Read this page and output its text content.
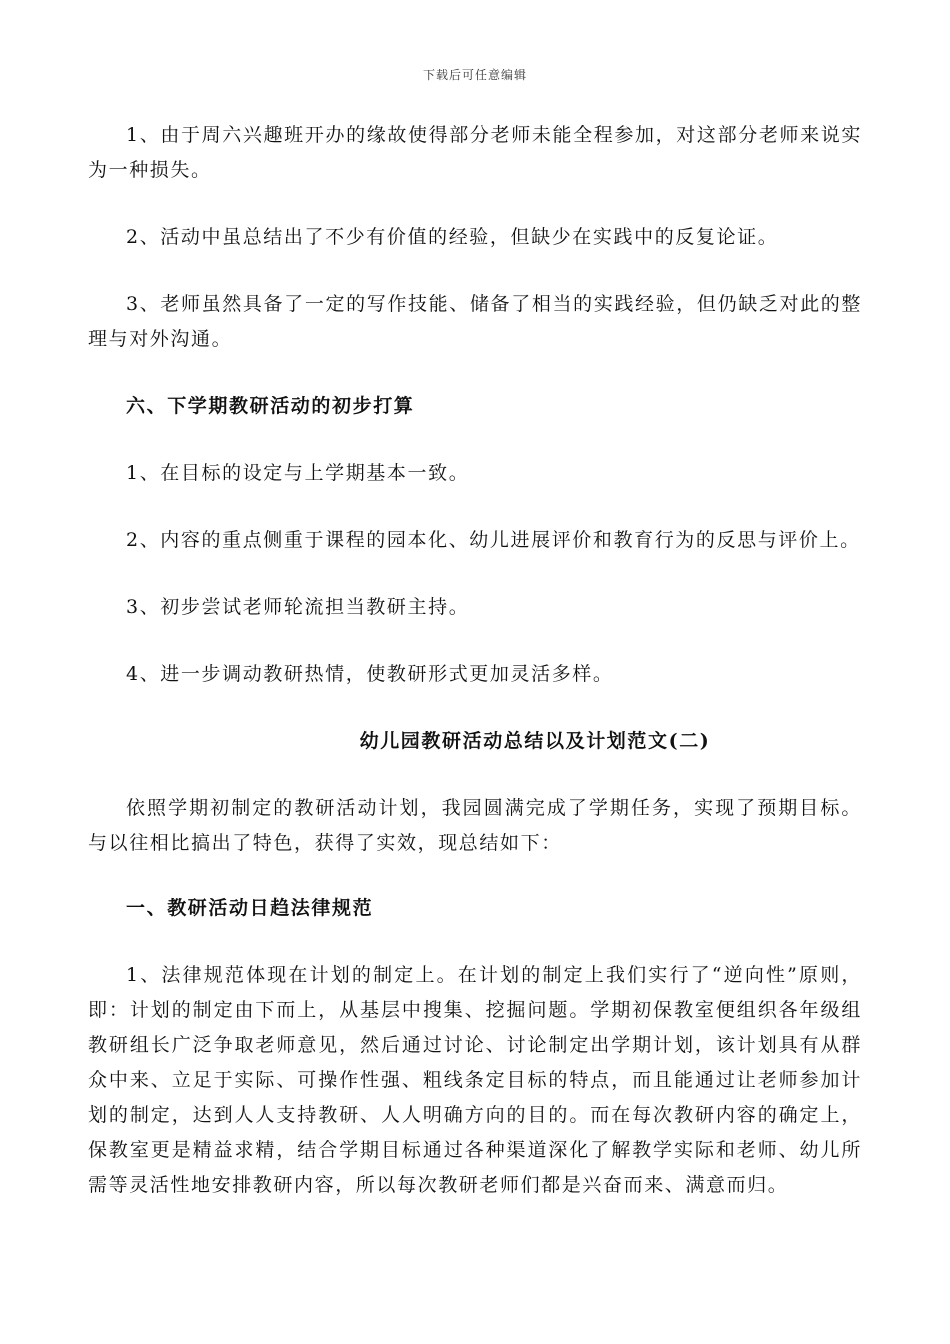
下载后可任意编辑

1、由于周六兴趣班开办的缘故使得部分老师未能全程参加，对这部分老师来说实为一种损失。

2、活动中虽总结出了不少有价值的经验，但缺少在实践中的反复论证。

3、老师虽然具备了一定的写作技能、储备了相当的实践经验，但仍缺乏对此的整理与对外沟通。

六、下学期教研活动的初步打算

1、在目标的设定与上学期基本一致。

2、内容的重点侧重于课程的园本化、幼儿进展评价和教育行为的反思与评价上。

3、初步尝试老师轮流担当教研主持。

4、进一步调动教研热情，使教研形式更加灵活多样。

幼儿园教研活动总结以及计划范文(二)

依照学期初制定的教研活动计划，我园圆满完成了学期任务，实现了预期目标。与以往相比搞出了特色，获得了实效，现总结如下：

一、教研活动日趋法律规范

1、法律规范体现在计划的制定上。在计划的制定上我们实行了“逆向性”原则，即：计划的制定由下而上，从基层中搜集、挖掘问题。学期初保教室便组织各年级组教研组长广泛争取老师意见，然后通过讨论、讨论制定出学期计划，该计划具有从群众中来、立足于实际、可操作性强、粗线条定目标的特点，而且能通过让老师参加计划的制定，达到人人支持教研、人人明确方向的目的。而在每次教研内容的确定上，保教室更是精益求精，结合学期目标通过各种渠道深化了解教学实际和老师、幼儿所需等灵活性地安排教研内容，所以每次教研老师们都是兴奋而来、满意而归。
